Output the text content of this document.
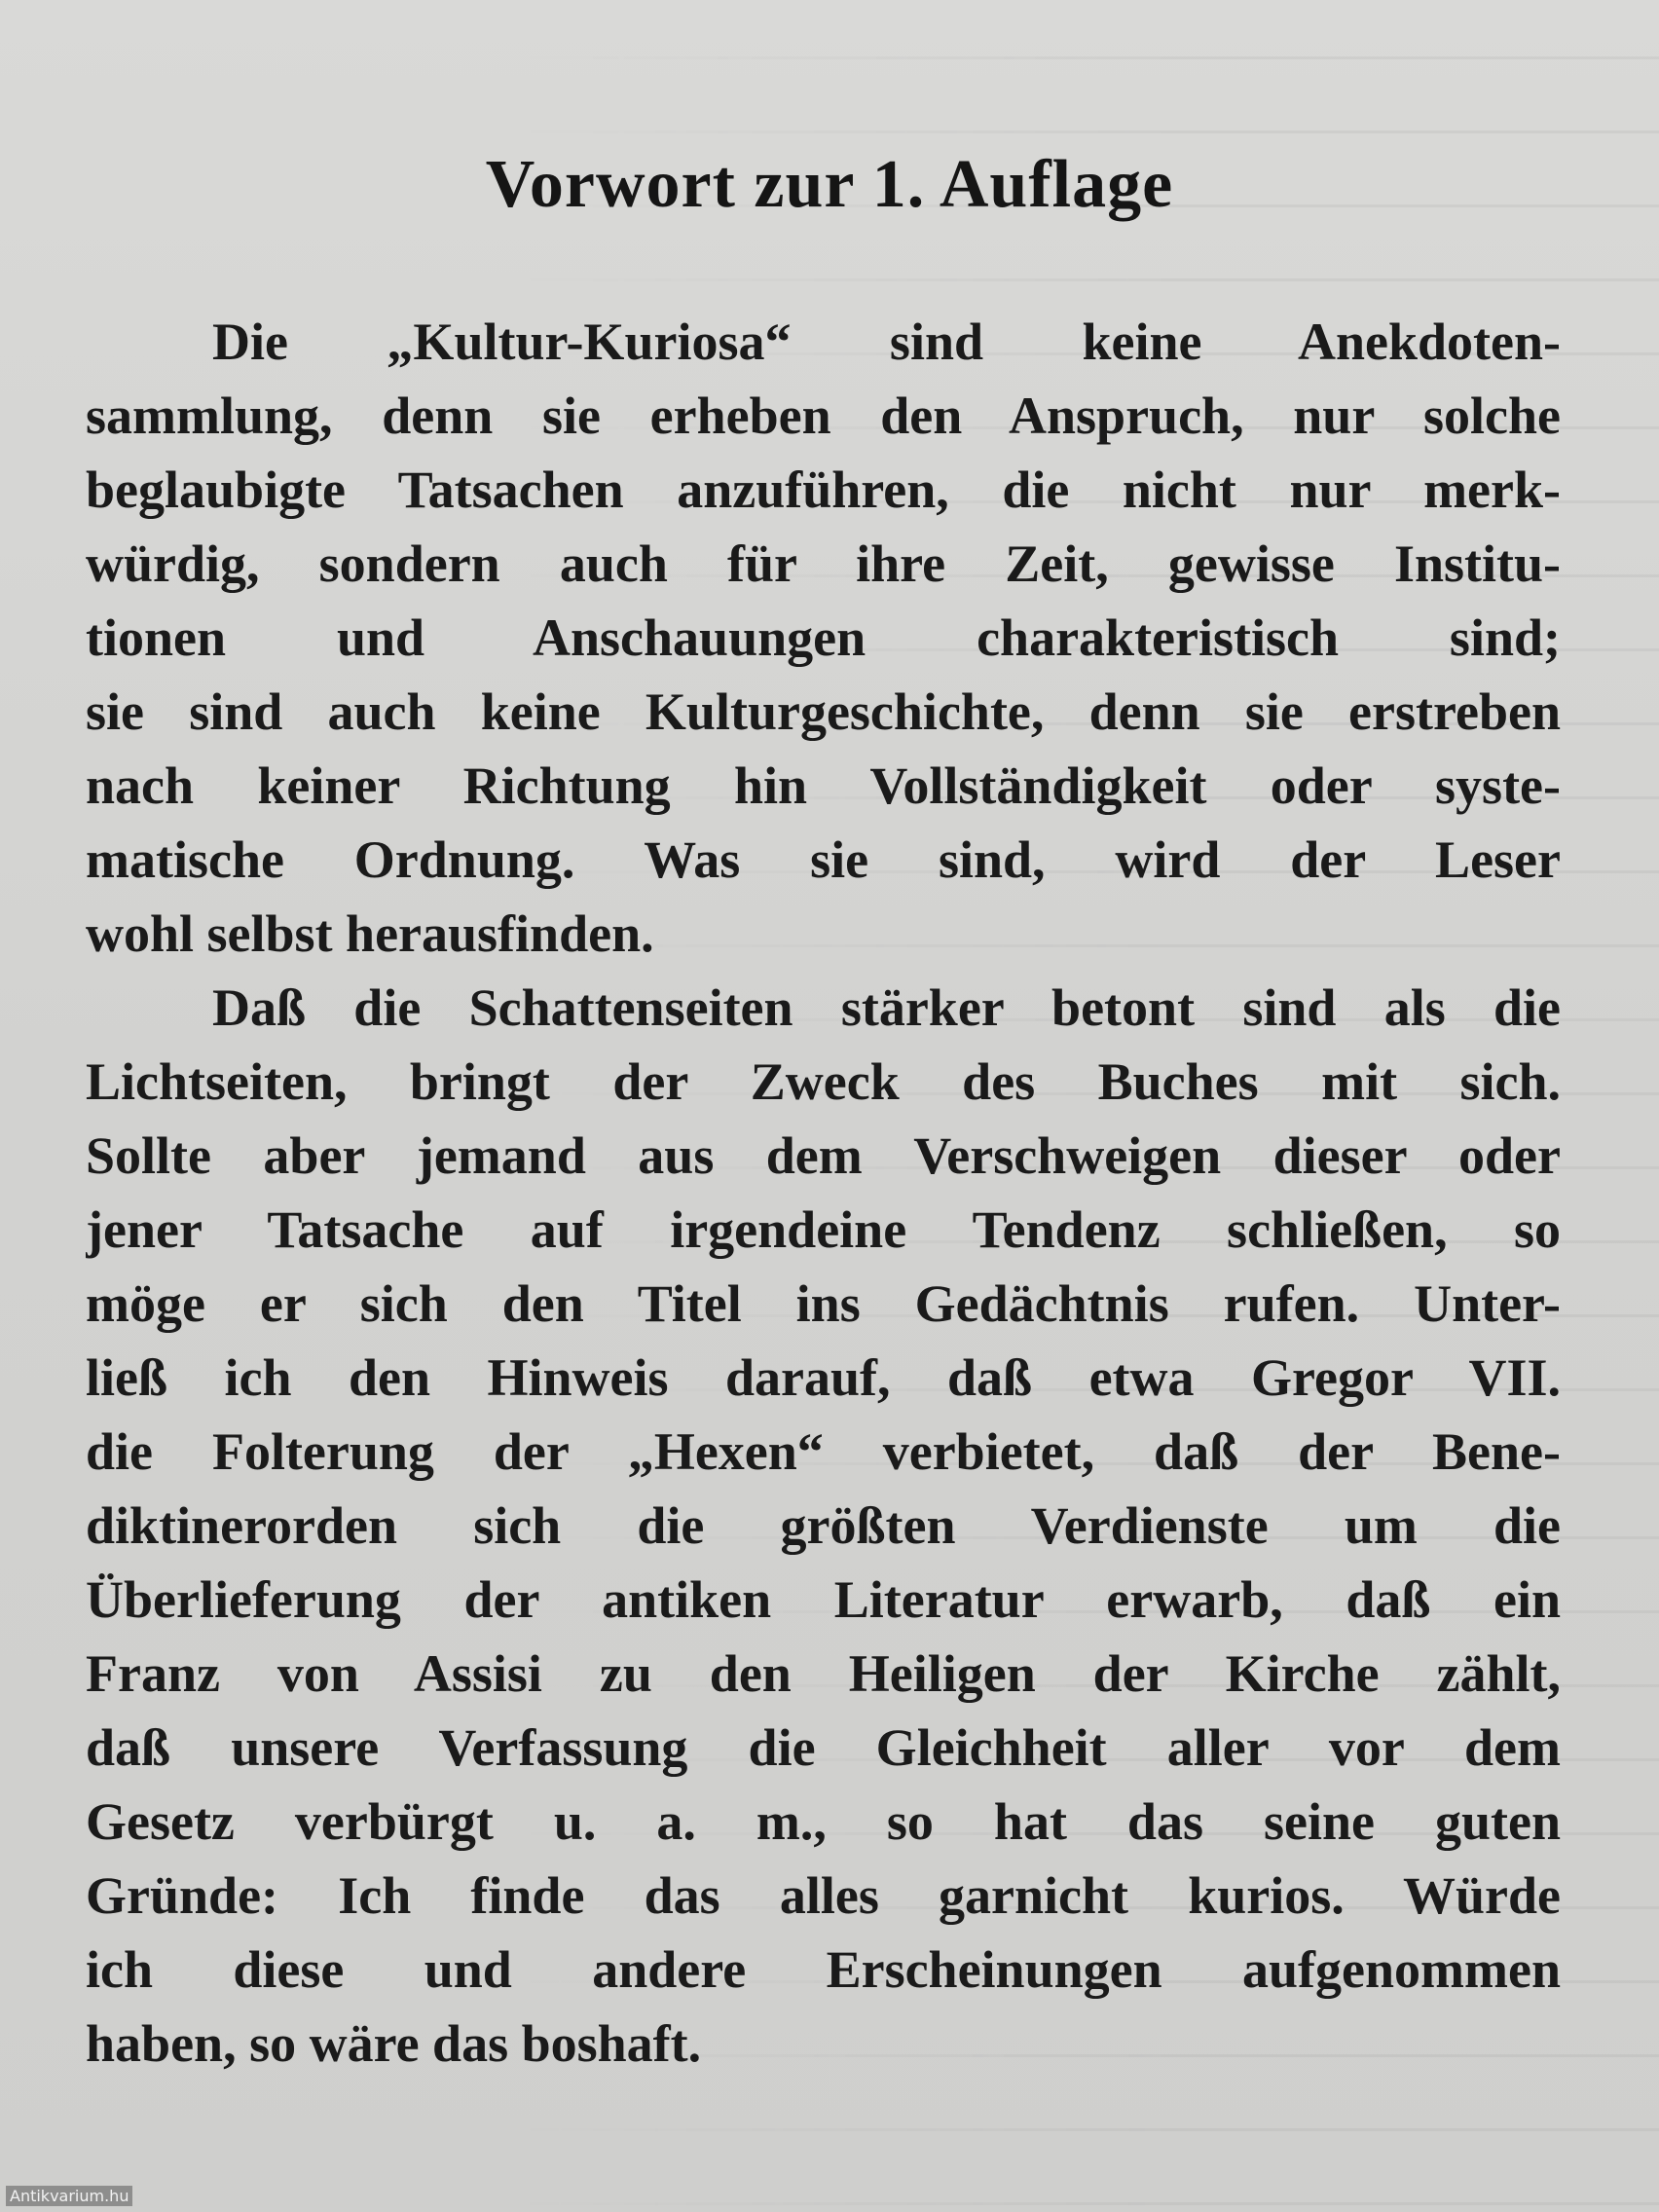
Vorwort zur 1. Auflage
Die „Kultur-Kuriosa“ sind keine Anekdoten-
sammlung, denn sie erheben den Anspruch, nur solche
beglaubigte Tatsachen anzuführen, die nicht nur merk-
würdig, sondern auch für ihre Zeit, gewisse Institu-
tionen und Anschauungen charakteristisch sind;
sie sind auch keine Kulturgeschichte, denn sie erstreben
nach keiner Richtung hin Vollständigkeit oder syste-
matische Ordnung. Was sie sind, wird der Leser
wohl selbst herausfinden.
Daß die Schattenseiten stärker betont sind als die
Lichtseiten, bringt der Zweck des Buches mit sich.
Sollte aber jemand aus dem Verschweigen dieser oder
jener Tatsache auf irgendeine Tendenz schließen, so
möge er sich den Titel ins Gedächtnis rufen. Unter-
ließ ich den Hinweis darauf, daß etwa Gregor VII.
die Folterung der „Hexen“ verbietet, daß der Bene-
diktinerorden sich die größten Verdienste um die
Überlieferung der antiken Literatur erwarb, daß ein
Franz von Assisi zu den Heiligen der Kirche zählt,
daß unsere Verfassung die Gleichheit aller vor dem
Gesetz verbürgt u. a. m., so hat das seine guten
Gründe: Ich finde das alles garnicht kurios. Würde
ich diese und andere Erscheinungen aufgenommen
haben, so wäre das boshaft.
Antikvarium.hu
